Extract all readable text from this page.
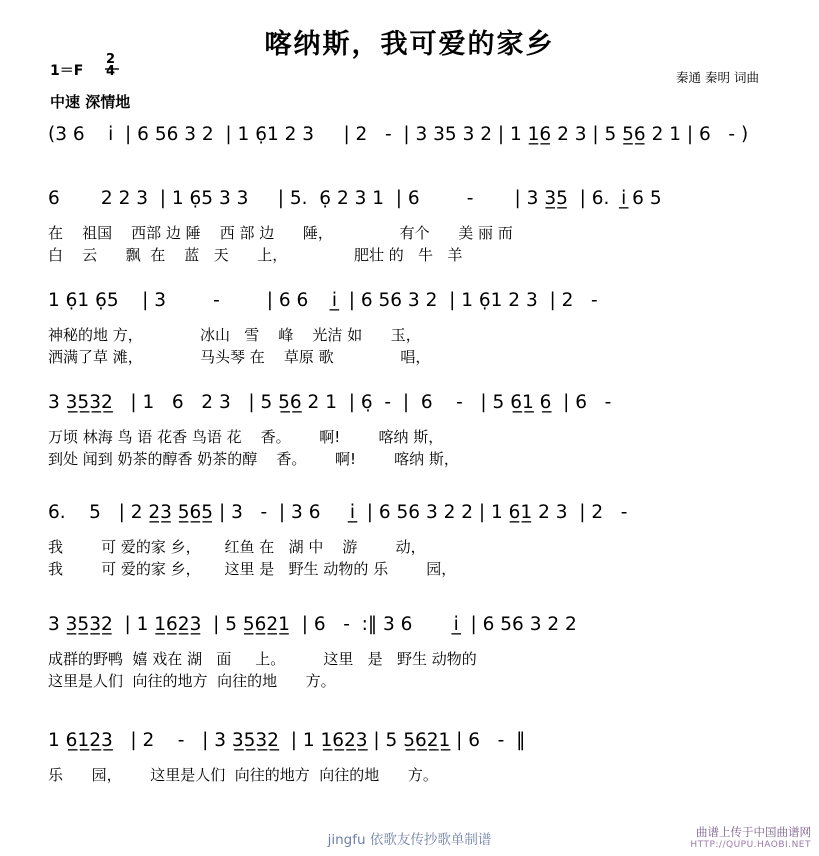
喀纳斯，我可爱的家乡
1＝F
2
4
中速 深情地
秦通 秦明 词曲
(3 6    i  | 6 56 3 2  | 1 6̣1 2 3     | 2   -  | 3 35 3 2 | 1 1̲6̲ 2 3 | 5 5̲6̲ 2 1 | 6   - )
6       2 2 3  | 1 6̣5 3 3     | 5.  6̣ 2 3 1  | 6        -       | 3 3̲5̲  | 6.  i̲ 6 5
在    祖国    西部 边 陲    西 部 边      陲，              有个      美 丽 而
白    云      飘  在    蓝   天      上，              肥壮 的   牛   羊
1 6̣1 6̣5    | 3        -        | 6 6    i̲  | 6 56 3 2  | 1 6̣1 2 3  | 2   -
神秘的地 方，            冰山   雪    峰    光洁 如      玉，
洒满了草 滩，            马头琴 在    草原 歌              唱，
3 3̲5̲3̲2̲   | 1   6   2 3   | 5 5̲6̲ 2 1  | 6̣  -  |  6    -   | 5 6̲1̲ 6̲  | 6   -
万顷 林海 鸟 语 花香 鸟语 花    香。      啊!        喀纳 斯，
到处 闻到 奶茶的醇香 奶茶的醇    香。      啊!        喀纳 斯，
6.    5   | 2 2̲3̲ 5̲6̲5̲ | 3   -  | 3 6     i̲  | 6 56 3 2 2 | 1 6̲1̲ 2 3  | 2   -
我        可 爱的家 乡，     红鱼 在   湖 中    游        动，
我        可 爱的家 乡，     这里 是   野生 动物的 乐        园，
3 3̲5̲3̲2̲  | 1 1̲6̲2̲3̲  | 5 5̲6̲2̲1̲  | 6   -  :‖ 3 6       i̲  | 6 56 3 2 2
成群的野鸭  嬉 戏在 湖   面     上。        这里   是   野生 动物的
这里是人们  向往的地方  向往的地      方。
1 6̲1̲2̲3̲   | 2    -   | 3 3̲5̲3̲2̲  | 1 1̲6̲2̲3̲ | 5 5̲6̲2̲1̲ | 6   -  ‖
乐      园，      这里是人们  向往的地方  向往的地      方。
jingfu 依歌友传抄歌单制谱	曲谱上传于中国曲谱网
HTTP://QUPU.HAOBI.NET
